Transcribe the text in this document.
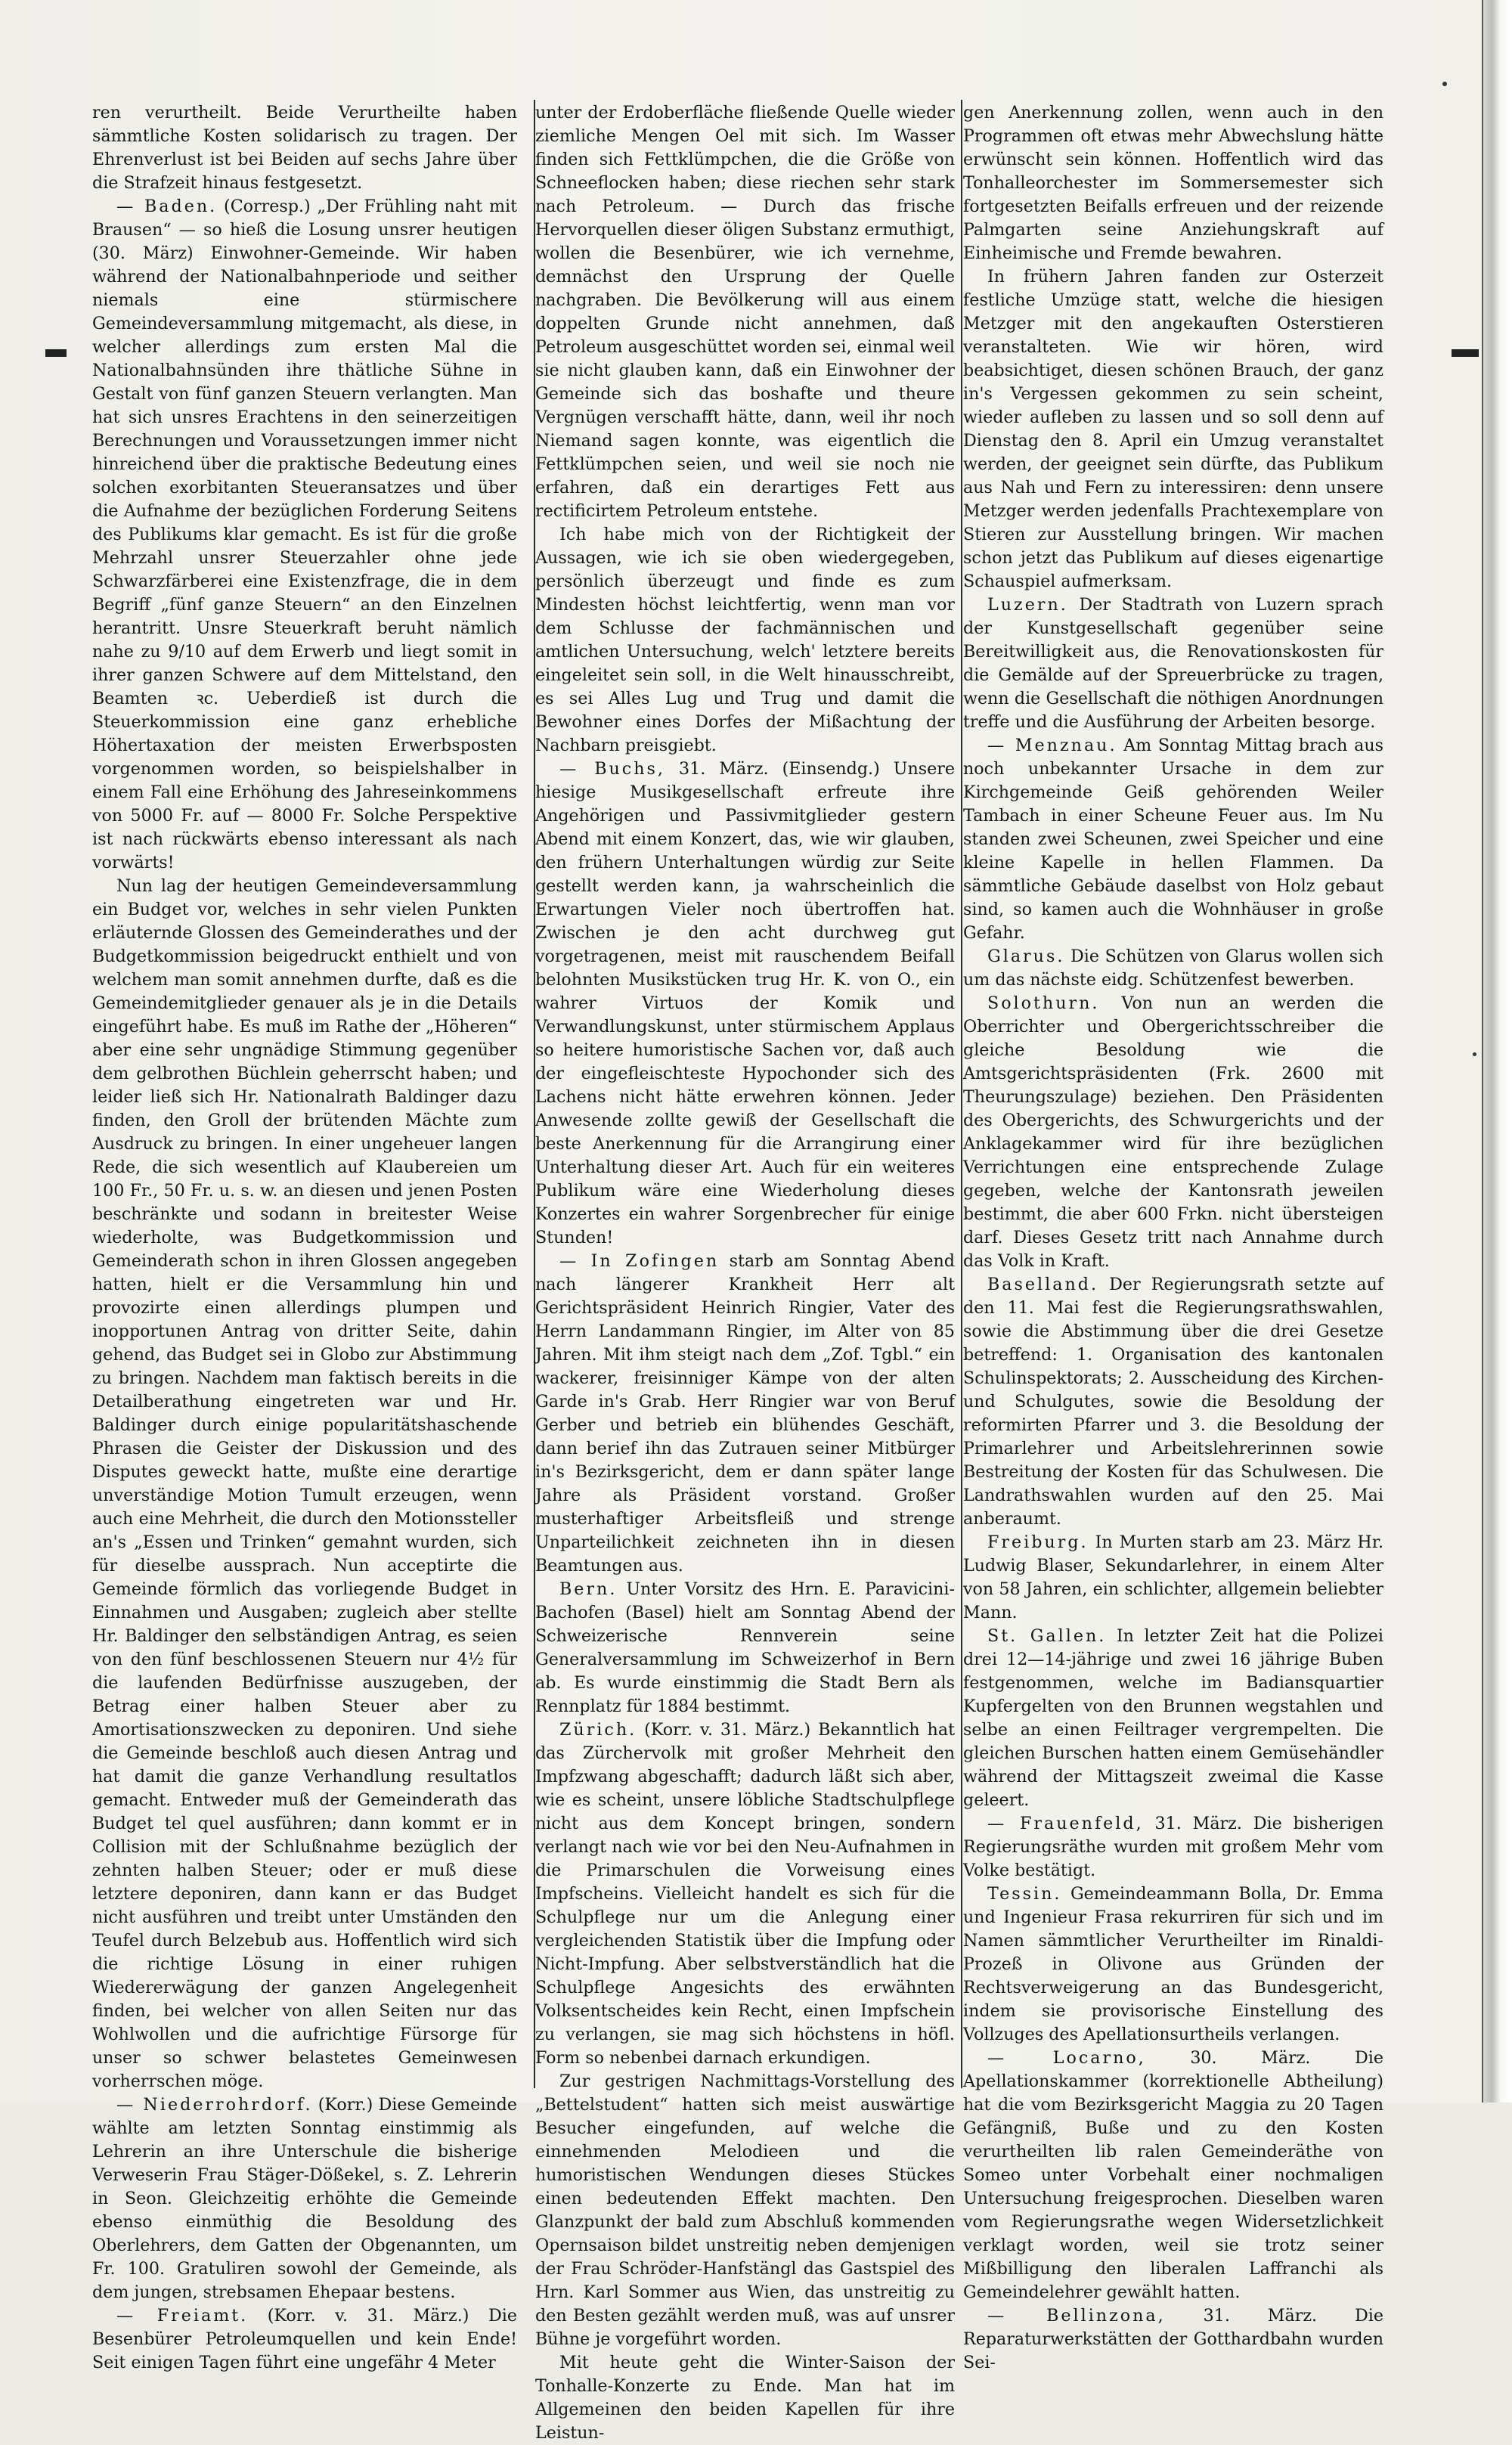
ren verurtheilt. Beide Verurtheilte haben sämmtliche Kosten solidarisch zu tragen. Der Ehrenverlust ist bei Beiden auf sechs Jahre über die Strafzeit hinaus festgesetzt.

— Baden. (Corresp.) „Der Frühling naht mit Brausen“ — so hieß die Losung unsrer heutigen (30. März) Einwohner-Gemeinde. Wir haben während der Nationalbahnperiode und seither niemals eine stürmischere Gemeindeversammlung mitgemacht, als diese, in welcher allerdings zum ersten Mal die Nationalbahnsünden ihre thätliche Sühne in Gestalt von fünf ganzen Steuern verlangten. Man hat sich unsres Erachtens in den seinerzeitigen Berechnungen und Voraussetzungen immer nicht hinreichend über die praktische Bedeutung eines solchen exorbitanten Steueransatzes und über die Aufnahme der bezüglichen Forderung Seitens des Publikums klar gemacht. Es ist für die große Mehrzahl unsrer Steuerzahler ohne jede Schwarzfärberei eine Existenzfrage, die in dem Begriff „fünf ganze Steuern“ an den Einzelnen herantritt. Unsre Steuerkraft beruht nämlich nahe zu 9/10 auf dem Erwerb und liegt somit in ihrer ganzen Schwere auf dem Mittelstand, den Beamten ꝛc. Ueberdieß ist durch die Steuerkommission eine ganz erhebliche Höhertaxation der meisten Erwerbsposten vorgenommen worden, so beispielshalber in einem Fall eine Erhöhung des Jahreseinkommens von 5000 Fr. auf — 8000 Fr. Solche Perspektive ist nach rückwärts ebenso interessant als nach vorwärts!

Nun lag der heutigen Gemeindeversammlung ein Budget vor, welches in sehr vielen Punkten erläuternde Glossen des Gemeinderathes und der Budgetkommission beigedruckt enthielt und von welchem man somit annehmen durfte, daß es die Gemeindemitglieder genauer als je in die Details eingeführt habe. Es muß im Rathe der „Höheren“ aber eine sehr ungnädige Stimmung gegenüber dem gelbrothen Büchlein geherrscht haben; und leider ließ sich Hr. Nationalrath Baldinger dazu finden, den Groll der brütenden Mächte zum Ausdruck zu bringen. In einer ungeheuer langen Rede, die sich wesentlich auf Klaubereien um 100 Fr., 50 Fr. u. s. w. an diesen und jenen Posten beschränkte und sodann in breitester Weise wiederholte, was Budgetkommission und Gemeinderath schon in ihren Glossen angegeben hatten, hielt er die Versammlung hin und provozirte einen allerdings plumpen und inopportunen Antrag von dritter Seite, dahin gehend, das Budget sei in Globo zur Abstimmung zu bringen. Nachdem man faktisch bereits in die Detailberathung eingetreten war und Hr. Baldinger durch einige popularitätshaschende Phrasen die Geister der Diskussion und des Disputes geweckt hatte, mußte eine derartige unverständige Motion Tumult erzeugen, wenn auch eine Mehrheit, die durch den Motionssteller an's „Essen und Trinken“ gemahnt wurden, sich für dieselbe aussprach. Nun acceptirte die Gemeinde förmlich das vorliegende Budget in Einnahmen und Ausgaben; zugleich aber stellte Hr. Baldinger den selbständigen Antrag, es seien von den fünf beschlossenen Steuern nur 4½ für die laufenden Bedürfnisse auszugeben, der Betrag einer halben Steuer aber zu Amortisationszwecken zu deponiren. Und siehe die Gemeinde beschloß auch diesen Antrag und hat damit die ganze Verhandlung resultatlos gemacht. Entweder muß der Gemeinderath das Budget tel quel ausführen; dann kommt er in Collision mit der Schlußnahme bezüglich der zehnten halben Steuer; oder er muß diese letztere deponiren, dann kann er das Budget nicht ausführen und treibt unter Umständen den Teufel durch Belzebub aus. Hoffentlich wird sich die richtige Lösung in einer ruhigen Wiedererwägung der ganzen Angelegenheit finden, bei welcher von allen Seiten nur das Wohlwollen und die aufrichtige Fürsorge für unser so schwer belastetes Gemeinwesen vorherrschen möge.

— Niederrohrdorf. (Korr.) Diese Gemeinde wählte am letzten Sonntag einstimmig als Lehrerin an ihre Unterschule die bisherige Verweserin Frau Stäger-Dößekel, s. Z. Lehrerin in Seon. Gleichzeitig erhöhte die Gemeinde ebenso einmüthig die Besoldung des Oberlehrers, dem Gatten der Obgenannten, um Fr. 100. Gratuliren sowohl der Gemeinde, als dem jungen, strebsamen Ehepaar bestens.

— Freiamt. (Korr. v. 31. März.) Die Besenbürer Petroleumquellen und kein Ende! Seit einigen Tagen führt eine ungefähr 4 Meter

unter der Erdoberfläche fließende Quelle wieder ziemliche Mengen Oel mit sich. Im Wasser finden sich Fettklümpchen, die die Größe von Schneeflocken haben; diese riechen sehr stark nach Petroleum. — Durch das frische Hervorquellen dieser öligen Substanz ermuthigt, wollen die Besenbürer, wie ich vernehme, demnächst den Ursprung der Quelle nachgraben. Die Bevölkerung will aus einem doppelten Grunde nicht annehmen, daß Petroleum ausgeschüttet worden sei, einmal weil sie nicht glauben kann, daß ein Einwohner der Gemeinde sich das boshafte und theure Vergnügen verschafft hätte, dann, weil ihr noch Niemand sagen konnte, was eigentlich die Fettklümpchen seien, und weil sie noch nie erfahren, daß ein derartiges Fett aus rectificirtem Petroleum entstehe.

Ich habe mich von der Richtigkeit der Aussagen, wie ich sie oben wiedergegeben, persönlich überzeugt und finde es zum Mindesten höchst leichtfertig, wenn man vor dem Schlusse der fachmännischen und amtlichen Untersuchung, welch' letztere bereits eingeleitet sein soll, in die Welt hinausschreibt, es sei Alles Lug und Trug und damit die Bewohner eines Dorfes der Mißachtung der Nachbarn preisgiebt.

— Buchs, 31. März. (Einsendg.) Unsere hiesige Musikgesellschaft erfreute ihre Angehörigen und Passivmitglieder gestern Abend mit einem Konzert, das, wie wir glauben, den frühern Unterhaltungen würdig zur Seite gestellt werden kann, ja wahrscheinlich die Erwartungen Vieler noch übertroffen hat. Zwischen je den acht durchweg gut vorgetragenen, meist mit rauschendem Beifall belohnten Musikstücken trug Hr. K. von O., ein wahrer Virtuos der Komik und Verwandlungskunst, unter stürmischem Applaus so heitere humoristische Sachen vor, daß auch der eingefleischteste Hypochonder sich des Lachens nicht hätte erwehren können. Jeder Anwesende zollte gewiß der Gesellschaft die beste Anerkennung für die Arrangirung einer Unterhaltung dieser Art. Auch für ein weiteres Publikum wäre eine Wiederholung dieses Konzertes ein wahrer Sorgenbrecher für einige Stunden!

— In Zofingen starb am Sonntag Abend nach längerer Krankheit Herr alt Gerichtspräsident Heinrich Ringier, Vater des Herrn Landammann Ringier, im Alter von 85 Jahren. Mit ihm steigt nach dem „Zof. Tgbl.“ ein wackerer, freisinniger Kämpe von der alten Garde in's Grab. Herr Ringier war von Beruf Gerber und betrieb ein blühendes Geschäft, dann berief ihn das Zutrauen seiner Mitbürger in's Bezirksgericht, dem er dann später lange Jahre als Präsident vorstand. Großer musterhaftiger Arbeitsfleiß und strenge Unparteilichkeit zeichneten ihn in diesen Beamtungen aus.

Bern. Unter Vorsitz des Hrn. E. Paravicini-Bachofen (Basel) hielt am Sonntag Abend der Schweizerische Rennverein seine Generalversammlung im Schweizerhof in Bern ab. Es wurde einstimmig die Stadt Bern als Rennplatz für 1884 bestimmt.

Zürich. (Korr. v. 31. März.) Bekanntlich hat das Zürchervolk mit großer Mehrheit den Impfzwang abgeschafft; dadurch läßt sich aber, wie es scheint, unsere löbliche Stadtschulpflege nicht aus dem Koncept bringen, sondern verlangt nach wie vor bei den Neu-Aufnahmen in die Primarschulen die Vorweisung eines Impfscheins. Vielleicht handelt es sich für die Schulpflege nur um die Anlegung einer vergleichenden Statistik über die Impfung oder Nicht-Impfung. Aber selbstverständlich hat die Schulpflege Angesichts des erwähnten Volksentscheides kein Recht, einen Impfschein zu verlangen, sie mag sich höchstens in höfl. Form so nebenbei darnach erkundigen.

Zur gestrigen Nachmittags-Vorstellung des „Bettelstudent“ hatten sich meist auswärtige Besucher eingefunden, auf welche die einnehmenden Melodieen und die humoristischen Wendungen dieses Stückes einen bedeutenden Effekt machten. Den Glanzpunkt der bald zum Abschluß kommenden Opernsaison bildet unstreitig neben demjenigen der Frau Schröder-Hanfstängl das Gastspiel des Hrn. Karl Sommer aus Wien, das unstreitig zu den Besten gezählt werden muß, was auf unsrer Bühne je vorgeführt worden.

Mit heute geht die Winter-Saison der Tonhalle-Konzerte zu Ende. Man hat im Allgemeinen den beiden Kapellen für ihre Leistun-

gen Anerkennung zollen, wenn auch in den Programmen oft etwas mehr Abwechslung hätte erwünscht sein können. Hoffentlich wird das Tonhalleorchester im Sommersemester sich fortgesetzten Beifalls erfreuen und der reizende Palmgarten seine Anziehungskraft auf Einheimische und Fremde bewahren.

In frühern Jahren fanden zur Osterzeit festliche Umzüge statt, welche die hiesigen Metzger mit den angekauften Osterstieren veranstalteten. Wie wir hören, wird beabsichtiget, diesen schönen Brauch, der ganz in's Vergessen gekommen zu sein scheint, wieder aufleben zu lassen und so soll denn auf Dienstag den 8. April ein Umzug veranstaltet werden, der geeignet sein dürfte, das Publikum aus Nah und Fern zu interessiren: denn unsere Metzger werden jedenfalls Prachtexemplare von Stieren zur Ausstellung bringen. Wir machen schon jetzt das Publikum auf dieses eigenartige Schauspiel aufmerksam.

Luzern. Der Stadtrath von Luzern sprach der Kunstgesellschaft gegenüber seine Bereitwilligkeit aus, die Renovationskosten für die Gemälde auf der Spreuerbrücke zu tragen, wenn die Gesellschaft die nöthigen Anordnungen treffe und die Ausführung der Arbeiten besorge.

— Menznau. Am Sonntag Mittag brach aus noch unbekannter Ursache in dem zur Kirchgemeinde Geiß gehörenden Weiler Tambach in einer Scheune Feuer aus. Im Nu standen zwei Scheunen, zwei Speicher und eine kleine Kapelle in hellen Flammen. Da sämmtliche Gebäude daselbst von Holz gebaut sind, so kamen auch die Wohnhäuser in große Gefahr.

Glarus. Die Schützen von Glarus wollen sich um das nächste eidg. Schützenfest bewerben.

Solothurn. Von nun an werden die Oberrichter und Obergerichtsschreiber die gleiche Besoldung wie die Amtsgerichtspräsidenten (Frk. 2600 mit Theurungszulage) beziehen. Den Präsidenten des Obergerichts, des Schwurgerichts und der Anklagekammer wird für ihre bezüglichen Verrichtungen eine entsprechende Zulage gegeben, welche der Kantonsrath jeweilen bestimmt, die aber 600 Frkn. nicht übersteigen darf. Dieses Gesetz tritt nach Annahme durch das Volk in Kraft.

Baselland. Der Regierungsrath setzte auf den 11. Mai fest die Regierungsrathswahlen, sowie die Abstimmung über die drei Gesetze betreffend: 1. Organisation des kantonalen Schulinspektorats; 2. Ausscheidung des Kirchen- und Schulgutes, sowie die Besoldung der reformirten Pfarrer und 3. die Besoldung der Primarlehrer und Arbeitslehrerinnen sowie Bestreitung der Kosten für das Schulwesen. Die Landrathswahlen wurden auf den 25. Mai anberaumt.

Freiburg. In Murten starb am 23. März Hr. Ludwig Blaser, Sekundarlehrer, in einem Alter von 58 Jahren, ein schlichter, allgemein beliebter Mann.

St. Gallen. In letzter Zeit hat die Polizei drei 12—14-jährige und zwei 16 jährige Buben festgenommen, welche im Badiansquartier Kupfergelten von den Brunnen wegstahlen und selbe an einen Feiltrager vergrempelten. Die gleichen Burschen hatten einem Gemüsehändler während der Mittagszeit zweimal die Kasse geleert.

— Frauenfeld, 31. März. Die bisherigen Regierungsräthe wurden mit großem Mehr vom Volke bestätigt.

Tessin. Gemeindeammann Bolla, Dr. Emma und Ingenieur Frasa rekurriren für sich und im Namen sämmtlicher Verurtheilter im Rinaldi-Prozeß in Olivone aus Gründen der Rechtsverweigerung an das Bundesgericht, indem sie provisorische Einstellung des Vollzuges des Apellationsurtheils verlangen.

— Locarno, 30. März. Die Apellationskammer (korrektionelle Abtheilung) hat die vom Bezirksgericht Maggia zu 20 Tagen Gefängniß, Buße und zu den Kosten verurtheilten lib ralen Gemeinderäthe von Someo unter Vorbehalt einer nochmaligen Untersuchung freigesprochen. Dieselben waren vom Regierungsrathe wegen Widersetzlichkeit verklagt worden, weil sie trotz seiner Mißbilligung den liberalen Laffranchi als Gemeindelehrer gewählt hatten.

— Bellinzona, 31. März. Die Reparaturwerkstätten der Gotthardbahn wurden Sei-
